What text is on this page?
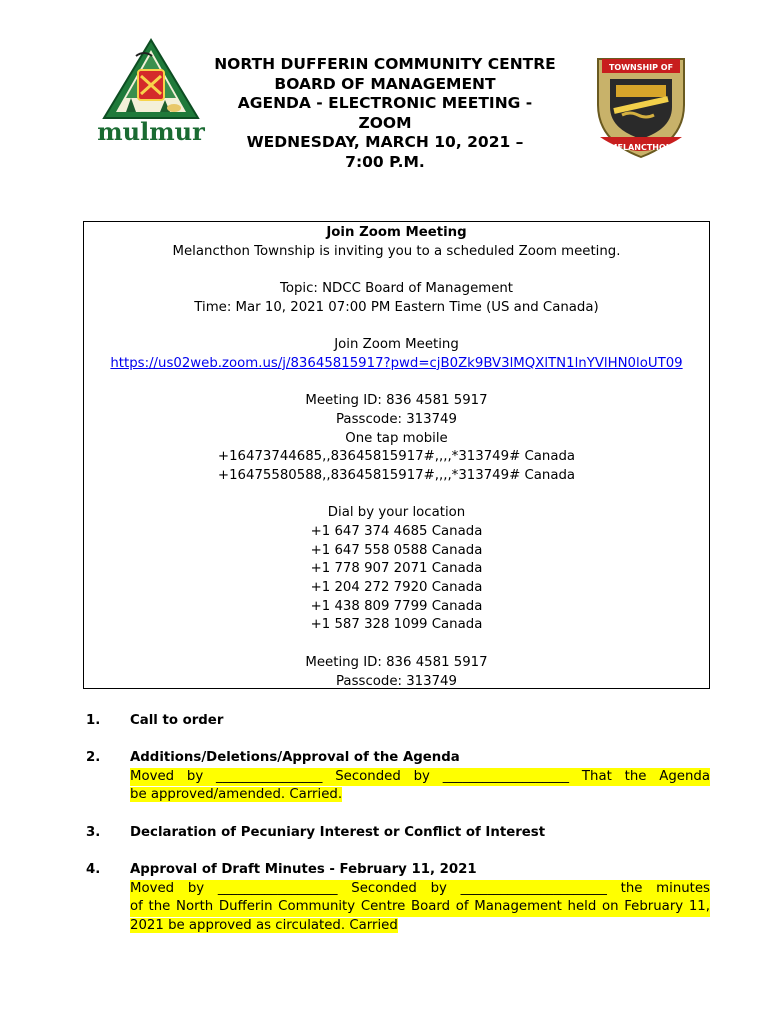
mulmur
TOWNSHIP OF
MELANCTHON
NORTH DUFFERIN COMMUNITY CENTRE
BOARD OF MANAGEMENT
AGENDA - ELECTRONIC MEETING -
ZOOM
WEDNESDAY, MARCH 10, 2021 –
7:00 P.M.
Join Zoom Meeting
Melancthon Township is inviting you to a scheduled Zoom meeting.
Topic: NDCC Board of Management
Time: Mar 10, 2021 07:00 PM Eastern Time (US and Canada)
Join Zoom Meeting
https://us02web.zoom.us/j/83645815917?pwd=cjB0Zk9BV3lMQXlTN1lnYVlHN0loUT09
Meeting ID: 836 4581 5917
Passcode: 313749
One tap mobile
+16473744685,,83645815917#,,,,*313749# Canada
+16475580588,,83645815917#,,,,*313749# Canada
Dial by your location
+1 647 374 4685 Canada
+1 647 558 0588 Canada
+1 778 907 2071 Canada
+1 204 272 7920 Canada
+1 438 809 7799 Canada
+1 587 328 1099 Canada
Meeting ID: 836 4581 5917
Passcode: 313749
1. Call to order
2. Additions/Deletions/Approval of the Agenda
Moved by ________________ Seconded by ___________________ That the Agenda
be approved/amended. Carried.
3. Declaration of Pecuniary Interest or Conflict of Interest
4. Approval of Draft Minutes - February 11, 2021
Moved by __________________ Seconded by ______________________ the minutes
of the North Dufferin Community Centre Board of Management held on February 11,
2021 be approved as circulated. Carried
